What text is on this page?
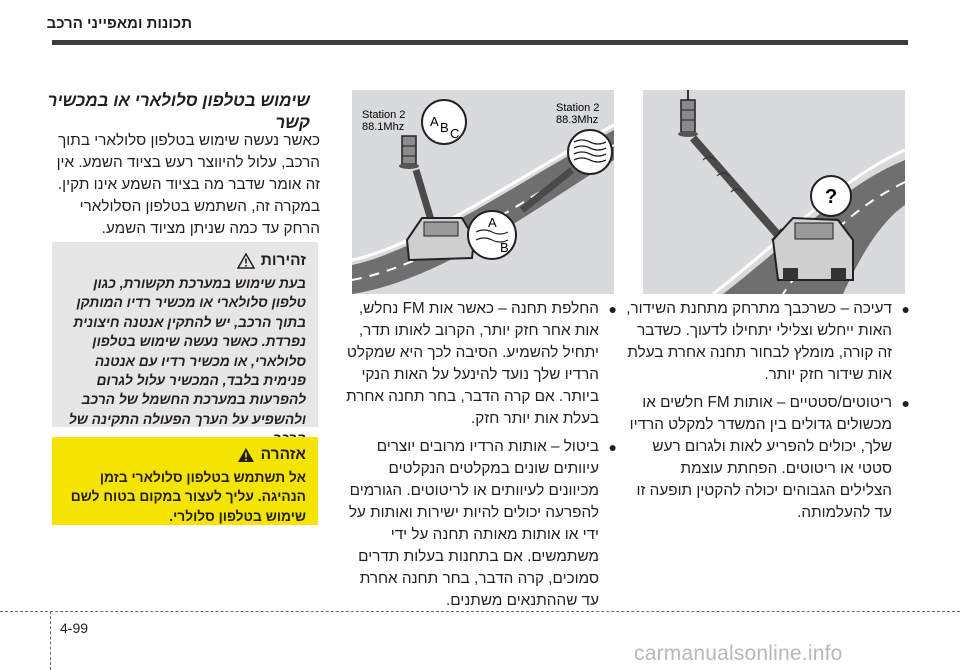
תכונות ומאפייני הרכב
?
Station 2
88.1Mhz
Station 2
88.3Mhz
A B C
A
B
●
דעיכה – כשרכבך מתרחק מתחנת השידור, האות ייחלש וצלילי יתחילו לדעוך. כשדבר זה קורה, מומלץ לבחור תחנה אחרת בעלת אות שידור חזק יותר.
●
ריטוטים/סטטיים – אותות FM חלשים או מכשולים גדולים בין המשדר למקלט הרדיו שלך, יכולים להפריע לאות ולגרום רעש סטטי או ריטוטים. הפחתת עוצמת הצלילים הגבוהים יכולה להקטין תופעה זו עד להעלמותה.
●
החלפת תחנה – כאשר אות FM נחלש, אות אחר חזק יותר, הקרוב לאותו תדר, יתחיל להשמיע. הסיבה לכך היא שמקלט הרדיו שלך נועד להינעל על האות הנקי ביותר. אם קרה הדבר, בחר תחנה אחרת בעלת אות יותר חזק.
●
ביטול – אותות הרדיו מרובים יוצרים עיוותים שונים במקלטים הנקלטים מכיוונים לעיוותים או לריטוטים. הגורמים להפרעה יכולים להיות ישירות ואותות על ידי או אותות מאותה תחנה על ידי משתמשים. אם בתחנות בעלות תדרים סמוכים, קרה הדבר, בחר תחנה אחרת עד שההתנאים משתנים.
שימוש בטלפון סלולארי או במכשיר קשר
כאשר נעשה שימוש בטלפון סלולארי בתוך הרכב, עלול להיווצר רעש בציוד השמע. אין זה אומר שדבר מה בציוד השמע אינו תקין. במקרה זה, השתמש בטלפון הסלולארי הרחק עד כמה שניתן מציוד השמע.
זהירות
בעת שימוש במערכת תקשורת, כגון טלפון סלולארי או מכשיר רדיו המותקן בתוך הרכב, יש להתקין אנטנה חיצונית נפרדת. כאשר נעשה שימוש בטלפון סלולארי, או מכשיר רדיו עם אנטנה פנימית בלבד, המכשיר עלול לגרום להפרעות במערכת החשמל של הרכב ולהשפיע על הערך הפעולה התקינה של
אזהרה
אל תשתמש בטלפון סלולארי בזמן הנהיגה. עליך לעצור במקום בטוח לשם שימוש בטלפון סלולרי.
4-99
carmanualsonline.info
